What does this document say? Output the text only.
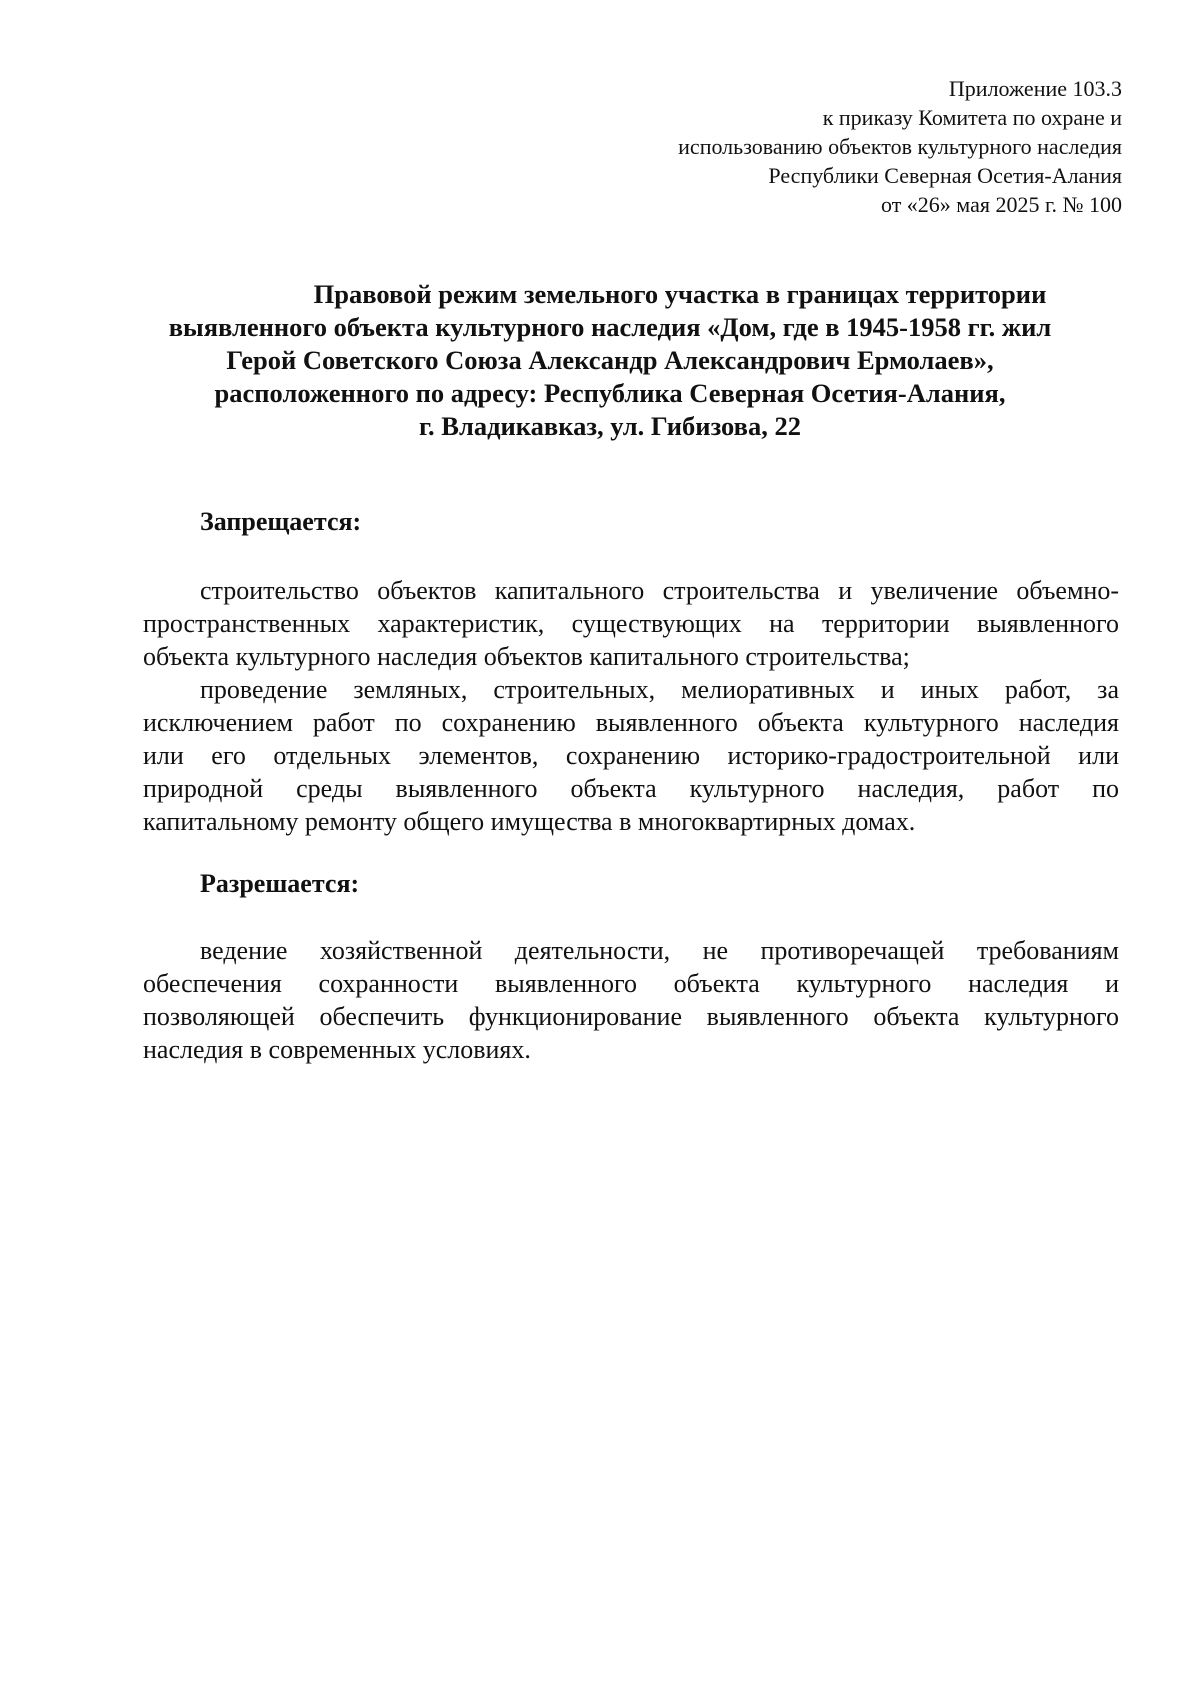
Приложение 103.3
к приказу Комитета по охране и
использованию объектов культурного наследия
Республики Северная Осетия-Алания
от «26» мая 2025 г. № 100
Правовой режим земельного участка в границах территории
выявленного объекта культурного наследия «Дом, где в 1945-1958 гг. жил
Герой Советского Союза Александр Александрович Ермолаев»,
расположенного по адресу: Республика Северная Осетия-Алания,
г. Владикавказ, ул. Гибизова, 22
Запрещается:

строительство объектов капитального строительства и увеличение объемно-
пространственных характеристик, существующих на территории выявленного
объекта культурного наследия объектов капитального строительства;

проведение земляных, строительных, мелиоративных и иных работ, за
исключением работ по сохранению выявленного объекта культурного наследия
или его отдельных элементов, сохранению историко-градостроительной или
природной среды выявленного объекта культурного наследия, работ по
капитальному ремонту общего имущества в многоквартирных домах.

Разрешается:

ведение хозяйственной деятельности, не противоречащей требованиям
обеспечения сохранности выявленного объекта культурного наследия и
позволяющей обеспечить функционирование выявленного объекта культурного
наследия в современных условиях.
